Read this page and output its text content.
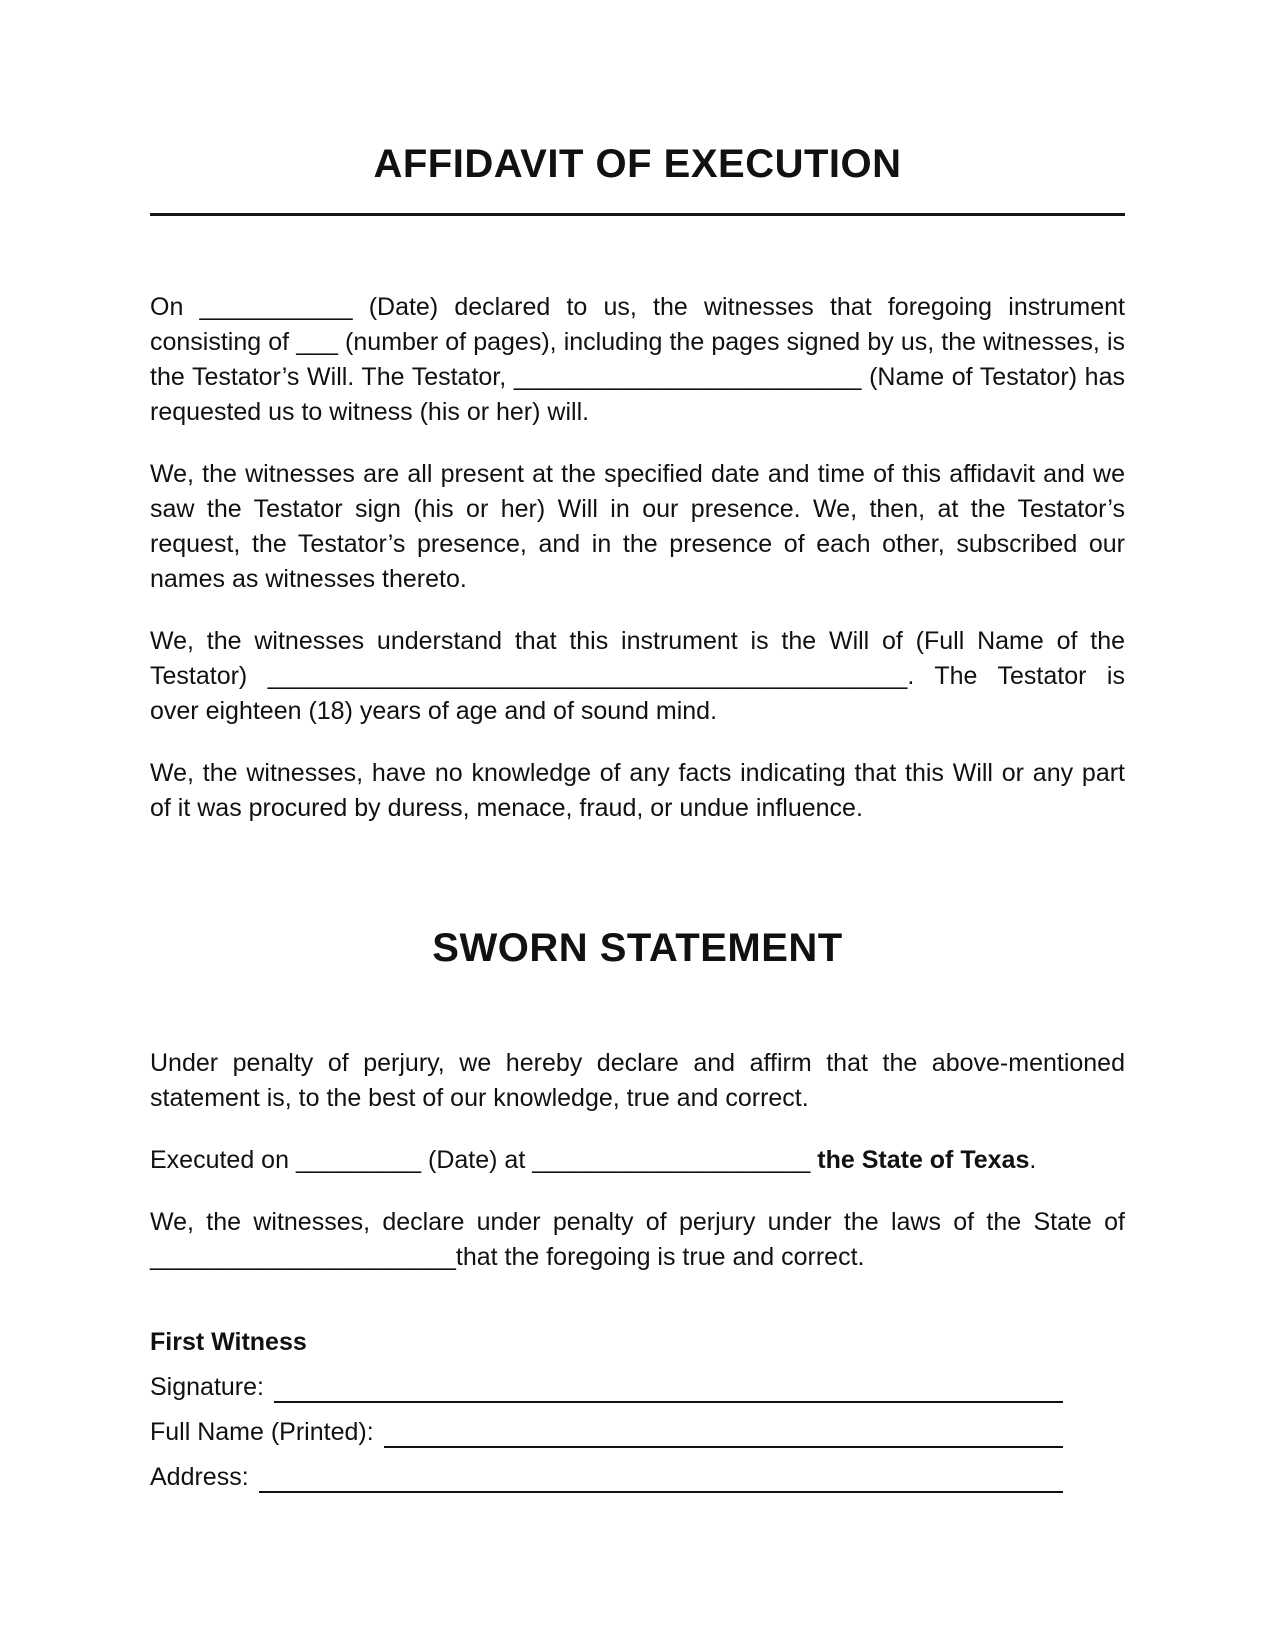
AFFIDAVIT OF EXECUTION

On ___________ (Date) declared to us, the witnesses that foregoing instrument consisting of ___ (number of pages), including the pages signed by us, the witnesses, is the Testator’s Will. The Testator, _________________________ (Name of Testator) has requested us to witness (his or her) will.

We, the witnesses are all present at the specified date and time of this affidavit and we saw the Testator sign (his or her) Will in our presence. We, then, at the Testator’s request, the Testator’s presence, and in the presence of each other, subscribed our names as witnesses thereto.

We, the witnesses understand that this instrument is the Will of (Full Name of the Testator) ______________________________________________. The Testator is over eighteen (18) years of age and of sound mind.

We, the witnesses, have no knowledge of any facts indicating that this Will or any part of it was procured by duress, menace, fraud, or undue influence.

SWORN STATEMENT

Under penalty of perjury, we hereby declare and affirm that the above-mentioned statement is, to the best of our knowledge, true and correct.

Executed on _________ (Date) at ____________________ the State of Texas.

We, the witnesses, declare under penalty of perjury under the laws of the State of ______________________that the foregoing is true and correct.

First Witness

Signature:
Full Name (Printed):
Address:
